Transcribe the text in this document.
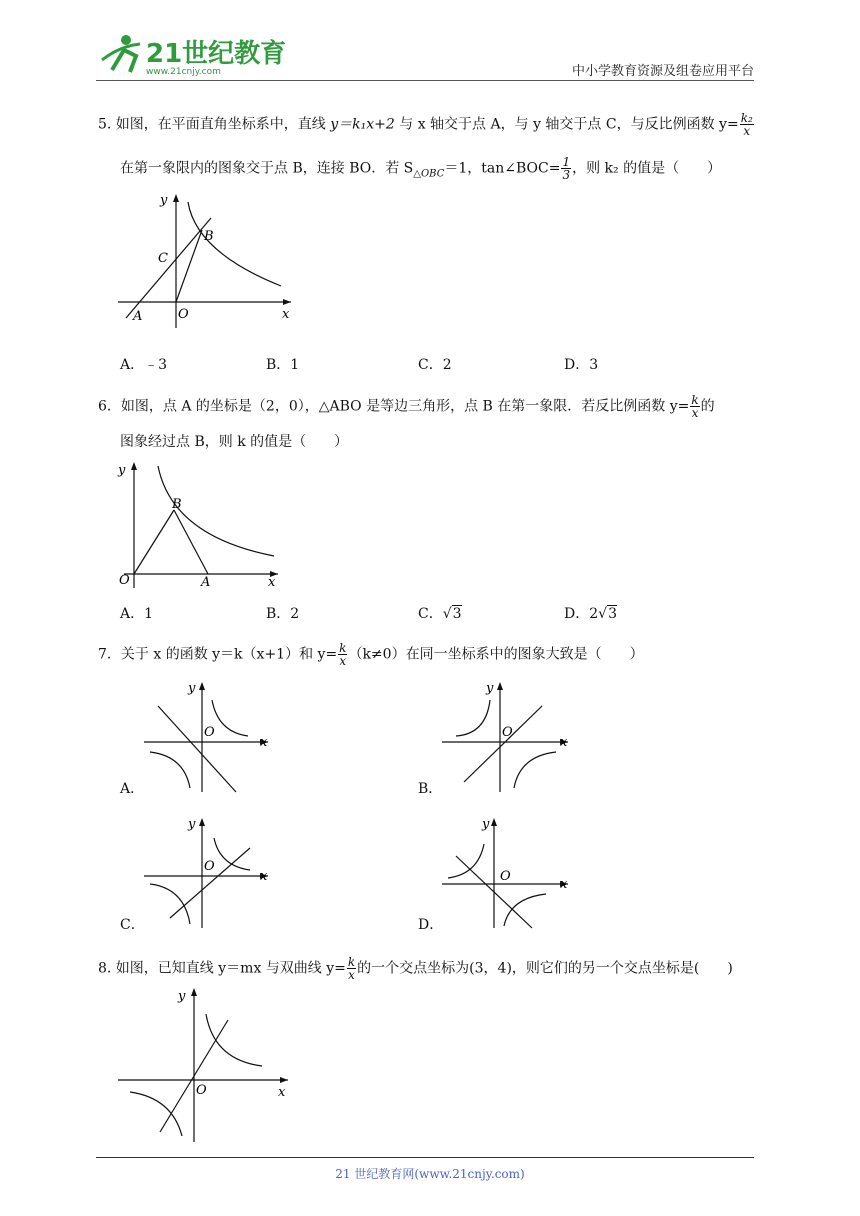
21世纪教育
www.21cnjy.com	中小学教育资源及组卷应用平台
5. 如图，在平面直角坐标系中，直线 y＝k₁x+2 与 x 轴交于点 A，与 y 轴交于点 C，与反比例函数 $y= \frac{\text{k₂}}{x}$
在第一象限内的图象交于点 B，连接 BO．若 $S_{\triangle OBC}=1$，tan∠BOC= $\frac{1}{3}$ ，则 k₂ 的值是（　　）
y
x
O
A
B
C
A．﹣3	B．1	C．2	D．3
6．如图，点 A 的坐标是（2，0），△ABO 是等边三角形，点 B 在第一象限．若反比例函数 $y= \frac{k}{x}$ 的
图象经过点 B，则 k 的值是（　　）
y
x
O	A
B
A．1	B．2	C．√3	D．2√3
7．关于 x 的函数 y＝k（x+1）和 $y= \frac{k}{x} (k\ne 0)$在同一坐标系中的图象大致是（　　）
A．
y
x
O
B．
y
x
O
C．
y
x
O
D．
y
x
O
8. 如图，已知直线 y＝mx 与双曲线 $y= \frac{k}{x}$ 的一个交点坐标为(3，4)，则它们的另一个交点坐标是(　　)
y
x
O
21 世纪教育网(www.21cnjy.com)
